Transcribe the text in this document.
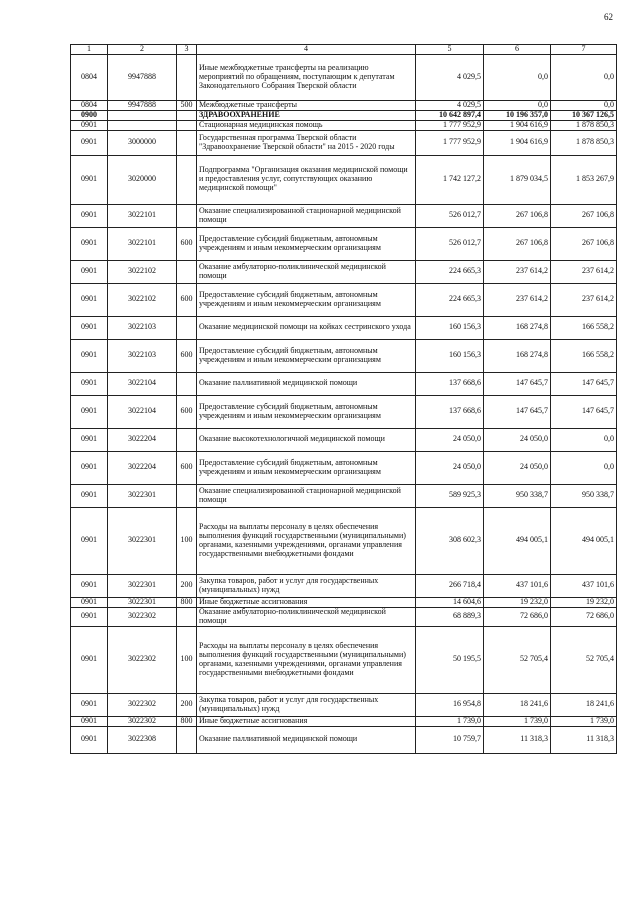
62
1	2	3	4	5	6	7
0804	9947888		Иные межбюджетные трансферты на реализацию мероприятий по обращениям, поступающим к депутатам Законодательного Собрания Тверской области	4 029,5	0,0	0,0
0804	9947888	500	Межбюджетные трансферты	4 029,5	0,0	0,0
0900			ЗДРАВООХРАНЕНИЕ	10 642 897,4	10 196 357,0	10 367 126,5
0901			Стационарная медицинская помощь	1 777 952,9	1 904 616,9	1 878 850,3
0901	3000000		Государственная программа Тверской области "Здравоохранение Тверской области" на 2015 - 2020 годы	1 777 952,9	1 904 616,9	1 878 850,3
0901	3020000		Подпрограмма "Организация оказания медицинской помощи и предоставления услуг, сопутствующих оказанию медицинской помощи"	1 742 127,2	1 879 034,5	1 853 267,9
0901	3022101		Оказание специализированной стационарной медицинской помощи	526 012,7	267 106,8	267 106,8
0901	3022101	600	Предоставление субсидий бюджетным, автономным учреждениям и иным некоммерческим организациям	526 012,7	267 106,8	267 106,8
0901	3022102		Оказание амбулаторно-поликлинической медицинской помощи	224 665,3	237 614,2	237 614,2
0901	3022102	600	Предоставление субсидий бюджетным, автономным учреждениям и иным некоммерческим организациям	224 665,3	237 614,2	237 614,2
0901	3022103		Оказание медицинской помощи на койках сестринского ухода	160 156,3	168 274,8	166 558,2
0901	3022103	600	Предоставление субсидий бюджетным, автономным учреждениям и иным некоммерческим организациям	160 156,3	168 274,8	166 558,2
0901	3022104		Оказание паллиативной медицинской помощи	137 668,6	147 645,7	147 645,7
0901	3022104	600	Предоставление субсидий бюджетным, автономным учреждениям и иным некоммерческим организациям	137 668,6	147 645,7	147 645,7
0901	3022204		Оказание высокотехнологичной медицинской помощи	24 050,0	24 050,0	0,0
0901	3022204	600	Предоставление субсидий бюджетным, автономным учреждениям и иным некоммерческим организациям	24 050,0	24 050,0	0,0
0901	3022301		Оказание специализированной стационарной медицинской помощи	589 925,3	950 338,7	950 338,7
0901	3022301	100	Расходы на выплаты персоналу в целях обеспечения выполнения функций государственными (муниципальными) органами, казенными учреждениями, органами управления государственными внебюджетными фондами	308 602,3	494 005,1	494 005,1
0901	3022301	200	Закупка товаров, работ и услуг для государственных (муниципальных) нужд	266 718,4	437 101,6	437 101,6
0901	3022301	800	Иные бюджетные ассигнования	14 604,6	19 232,0	19 232,0
0901	3022302		Оказание амбулаторно-поликлинической медицинской помощи	68 889,3	72 686,0	72 686,0
0901	3022302	100	Расходы на выплаты персоналу в целях обеспечения выполнения функций государственными (муниципальными) органами, казенными учреждениями, органами управления государственными внебюджетными фондами	50 195,5	52 705,4	52 705,4
0901	3022302	200	Закупка товаров, работ и услуг для государственных (муниципальных) нужд	16 954,8	18 241,6	18 241,6
0901	3022302	800	Иные бюджетные ассигнования	1 739,0	1 739,0	1 739,0
0901	3022308		Оказание паллиативной медицинской помощи	10 759,7	11 318,3	11 318,3
